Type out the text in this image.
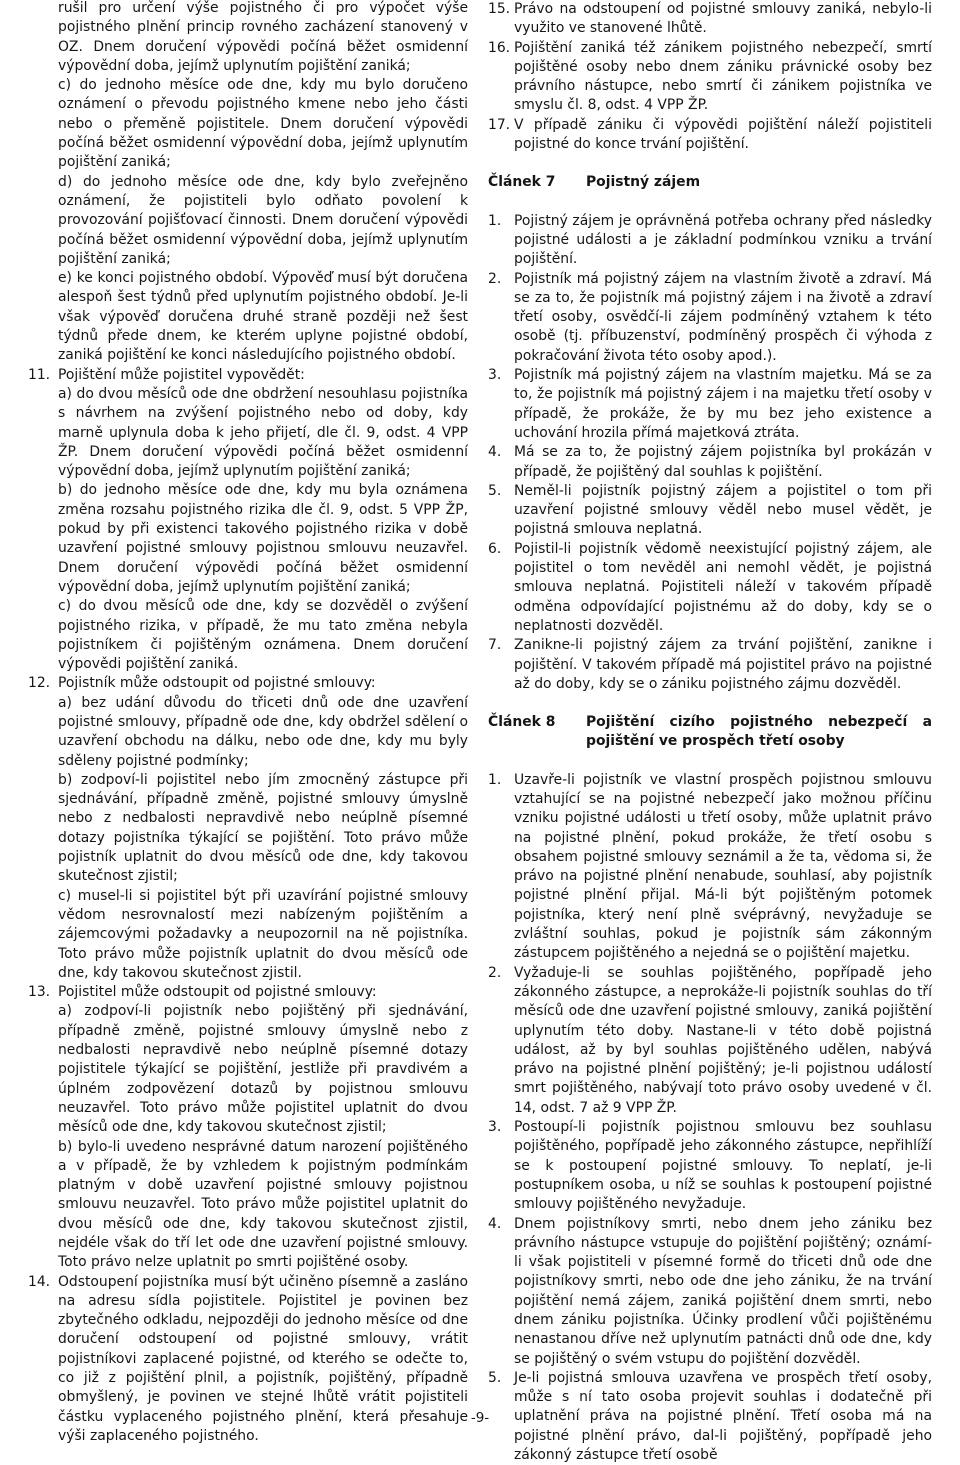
rušil pro určení výše pojistného či pro výpočet výše pojistného plnění princip rovného zacházení stanovený v OZ. Dnem doručení výpovědi počíná běžet osmidenní výpovědní doba, jejímž uplynutím pojištění zaniká;

c) do jednoho měsíce ode dne, kdy mu bylo doručeno oznámení o převodu pojistného kmene nebo jeho části nebo o přeměně pojistitele. Dnem doručení výpovědi počíná běžet osmidenní výpovědní doba, jejímž uplynutím pojištění zaniká;

d) do jednoho měsíce ode dne, kdy bylo zveřejněno oznámení, že pojistiteli bylo odňato povolení k provozování pojišťovací činnosti. Dnem doručení výpovědi počíná běžet osmidenní výpovědní doba, jejímž uplynutím pojištění zaniká;

e) ke konci pojistného období. Výpověď musí být doručena alespoň šest týdnů před uplynutím pojistného období. Je-li však výpověď doručena druhé straně později než šest týdnů přede dnem, ke kterém uplyne pojistné období, zaniká pojištění ke konci následujícího pojistného období.

11. Pojištění může pojistitel vypovědět:

a) do dvou měsíců ode dne obdržení nesouhlasu pojistníka s návrhem na zvýšení pojistného nebo od doby, kdy marně uplynula doba k jeho přijetí, dle čl. 9, odst. 4 VPP ŽP. Dnem doručení výpovědi počíná běžet osmidenní výpovědní doba, jejímž uplynutím pojištění zaniká;

b) do jednoho měsíce ode dne, kdy mu byla oznámena změna rozsahu pojistného rizika dle čl. 9, odst. 5 VPP ŽP, pokud by při existenci takového pojistného rizika v době uzavření pojistné smlouvy pojistnou smlouvu neuzavřel. Dnem doručení výpovědi počíná běžet osmidenní výpovědní doba, jejímž uplynutím pojištění zaniká;

c) do dvou měsíců ode dne, kdy se dozvěděl o zvýšení pojistného rizika, v případě, že mu tato změna nebyla pojistníkem či pojištěným oznámena. Dnem doručení výpovědi pojištění zaniká.

12. Pojistník může odstoupit od pojistné smlouvy:

a) bez udání důvodu do třiceti dnů ode dne uzavření pojistné smlouvy, případně ode dne, kdy obdržel sdělení o uzavření obchodu na dálku, nebo ode dne, kdy mu byly sděleny pojistné podmínky;

b) zodpoví-li pojistitel nebo jím zmocněný zástupce při sjednávání, případně změně, pojistné smlouvy úmyslně nebo z nedbalosti nepravdivě nebo neúplně písemné dotazy pojistníka týkající se pojištění. Toto právo může pojistník uplatnit do dvou měsíců ode dne, kdy takovou skutečnost zjistil;

c) musel-li si pojistitel být při uzavírání pojistné smlouvy vědom nesrovnalostí mezi nabízeným pojištěním a zájemcovými požadavky a neupozornil na ně pojistníka. Toto právo může pojistník uplatnit do dvou měsíců ode dne, kdy takovou skutečnost zjistil.

13. Pojistitel může odstoupit od pojistné smlouvy:

a) zodpoví-li pojistník nebo pojištěný při sjednávání, případně změně, pojistné smlouvy úmyslně nebo z nedbalosti nepravdivě nebo neúplně písemné dotazy pojistitele týkající se pojištění, jestliže při pravdivém a úplném zodpovězení dotazů by pojistnou smlouvu neuzavřel. Toto právo může pojistitel uplatnit do dvou měsíců ode dne, kdy takovou skutečnost zjistil;

b) bylo-li uvedeno nesprávné datum narození pojištěného a v případě, že by vzhledem k pojistným podmínkám platným v době uzavření pojistné smlouvy pojistnou smlouvu neuzavřel. Toto právo může pojistitel uplatnit do dvou měsíců ode dne, kdy takovou skutečnost zjistil, nejdéle však do tří let ode dne uzavření pojistné smlouvy. Toto právo nelze uplatnit po smrti pojištěné osoby.

14. Odstoupení pojistníka musí být učiněno písemně a zasláno na adresu sídla pojistitele. Pojistitel je povinen bez zbytečného odkladu, nejpozději do jednoho měsíce od dne doručení odstoupení od pojistné smlouvy, vrátit pojistníkovi zaplacené pojistné, od kterého se odečte to, co již z pojištění plnil, a pojistník, pojištěný, případně obmyšlený, je povinen ve stejné lhůtě vrátit pojistiteli částku vyplaceného pojistného plnění, která přesahuje výši zaplaceného pojistného.

15. Právo na odstoupení od pojistné smlouvy zaniká, nebylo-li využito ve stanovené lhůtě.

16. Pojištění zaniká též zánikem pojistného nebezpečí, smrtí pojištěné osoby nebo dnem zániku právnické osoby bez právního nástupce, nebo smrtí či zánikem pojistníka ve smyslu čl. 8, odst. 4 VPP ŽP.

17. V případě zániku či výpovědi pojištění náleží pojistiteli pojistné do konce trvání pojištění.

Článek 7	Pojistný zájem
1. Pojistný zájem je oprávněná potřeba ochrany před následky pojistné události a je základní podmínkou vzniku a trvání pojištění.

2. Pojistník má pojistný zájem na vlastním životě a zdraví. Má se za to, že pojistník má pojistný zájem i na životě a zdraví třetí osoby, osvědčí-li zájem podmíněný vztahem k této osobě (tj. příbuzenství, podmíněný prospěch či výhoda z pokračování života této osoby apod.).

3. Pojistník má pojistný zájem na vlastním majetku. Má se za to, že pojistník má pojistný zájem i na majetku třetí osoby v případě, že prokáže, že by mu bez jeho existence a uchování hrozila přímá majetková ztráta.

4. Má se za to, že pojistný zájem pojistníka byl prokázán v případě, že pojištěný dal souhlas k pojištění.

5. Neměl-li pojistník pojistný zájem a pojistitel o tom při uzavření pojistné smlouvy věděl nebo musel vědět, je pojistná smlouva neplatná.

6. Pojistil-li pojistník vědomě neexistující pojistný zájem, ale pojistitel o tom nevěděl ani nemohl vědět, je pojistná smlouva neplatná. Pojistiteli náleží v takovém případě odměna odpovídající pojistnému až do doby, kdy se o neplatnosti dozvěděl.

7. Zanikne-li pojistný zájem za trvání pojištění, zanikne i pojištění. V takovém případě má pojistitel právo na pojistné až do doby, kdy se o zániku pojistného zájmu dozvěděl.

Článek 8	Pojištění cizího pojistného nebezpečí a pojištění ve prospěch třetí osoby
1. Uzavře-li pojistník ve vlastní prospěch pojistnou smlouvu vztahující se na pojistné nebezpečí jako možnou příčinu vzniku pojistné události u třetí osoby, může uplatnit právo na pojistné plnění, pokud prokáže, že třetí osobu s obsahem pojistné smlouvy seznámil a že ta, vědoma si, že právo na pojistné plnění nenabude, souhlasí, aby pojistník pojistné plnění přijal. Má-li být pojištěným potomek pojistníka, který není plně svéprávný, nevyžaduje se zvláštní souhlas, pokud je pojistník sám zákonným zástupcem pojištěného a nejedná se o pojištění majetku.

2. Vyžaduje-li se souhlas pojištěného, popřípadě jeho zákonného zástupce, a neprokáže-li pojistník souhlas do tří měsíců ode dne uzavření pojistné smlouvy, zaniká pojištění uplynutím této doby. Nastane-li v této době pojistná událost, až by byl souhlas pojištěného udělen, nabývá právo na pojistné plnění pojištěný; je-li pojistnou událostí smrt pojištěného, nabývají toto právo osoby uvedené v čl. 14, odst. 7 až 9 VPP ŽP.

3. Postoupí-li pojistník pojistnou smlouvu bez souhlasu pojištěného, popřípadě jeho zákonného zástupce, nepřihlíží se k postoupení pojistné smlouvy. To neplatí, je-li postupníkem osoba, u níž se souhlas k postoupení pojistné smlouvy pojištěného nevyžaduje.

4. Dnem pojistníkovy smrti, nebo dnem jeho zániku bez právního nástupce vstupuje do pojištění pojištěný; oznámí-li však pojistiteli v písemné formě do třiceti dnů ode dne pojistníkovy smrti, nebo ode dne jeho zániku, že na trvání pojištění nemá zájem, zaniká pojištění dnem smrti, nebo dnem zániku pojistníka. Účinky prodlení vůči pojištěnému nenastanou dříve než uplynutím patnácti dnů ode dne, kdy se pojištěný o svém vstupu do pojištění dozvěděl.

5. Je-li pojistná smlouva uzavřena ve prospěch třetí osoby, může s ní tato osoba projevit souhlas i dodatečně při uplatnění práva na pojistné plnění. Třetí osoba má na pojistné plnění právo, dal-li pojištěný, popřípadě jeho zákonný zástupce třetí osobě

-9-
